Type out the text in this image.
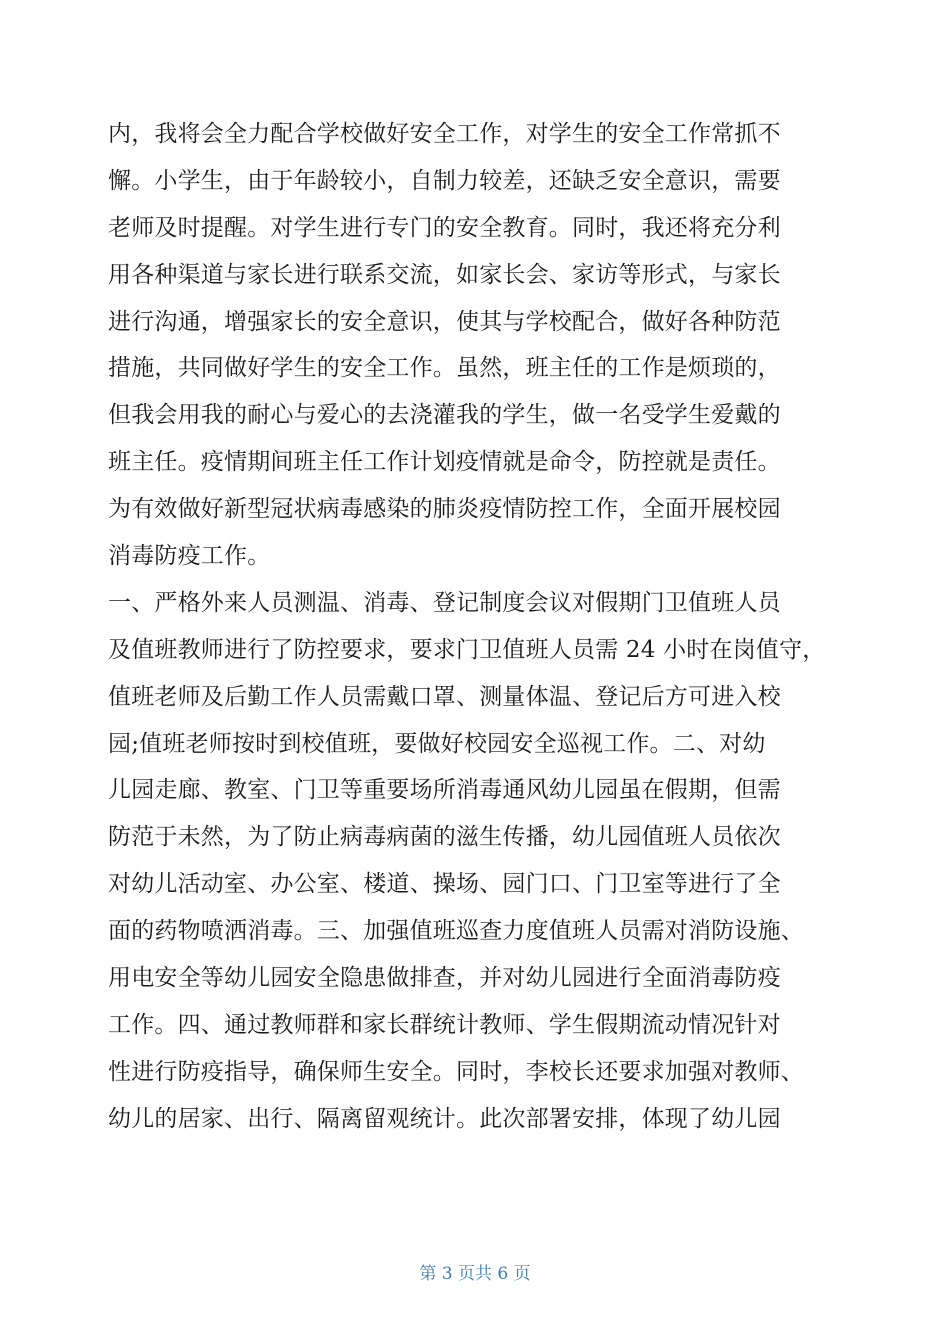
内，我将会全力配合学校做好安全工作，对学生的安全工作常抓不
懈。小学生，由于年龄较小，自制力较差，还缺乏安全意识，需要
老师及时提醒。对学生进行专门的安全教育。同时，我还将充分利
用各种渠道与家长进行联系交流，如家长会、家访等形式，与家长
进行沟通，增强家长的安全意识，使其与学校配合，做好各种防范
措施，共同做好学生的安全工作。虽然，班主任的工作是烦琐的，
但我会用我的耐心与爱心的去浇灌我的学生，做一名受学生爱戴的
班主任。疫情期间班主任工作计划疫情就是命令，防控就是责任。
为有效做好新型冠状病毒感染的肺炎疫情防控工作，全面开展校园
消毒防疫工作。
一、严格外来人员测温、消毒、登记制度会议对假期门卫值班人员
及值班教师进行了防控要求，要求门卫值班人员需 24 小时在岗值守，
值班老师及后勤工作人员需戴口罩、测量体温、登记后方可进入校
园;值班老师按时到校值班，要做好校园安全巡视工作。二、对幼
儿园走廊、教室、门卫等重要场所消毒通风幼儿园虽在假期，但需
防范于未然，为了防止病毒病菌的滋生传播，幼儿园值班人员依次
对幼儿活动室、办公室、楼道、操场、园门口、门卫室等进行了全
面的药物喷洒消毒。三、加强值班巡查力度值班人员需对消防设施、
用电安全等幼儿园安全隐患做排查，并对幼儿园进行全面消毒防疫
工作。四、通过教师群和家长群统计教师、学生假期流动情况针对
性进行防疫指导，确保师生安全。同时，李校长还要求加强对教师、
幼儿的居家、出行、隔离留观统计。此次部署安排，体现了幼儿园
第 3 页共 6 页
